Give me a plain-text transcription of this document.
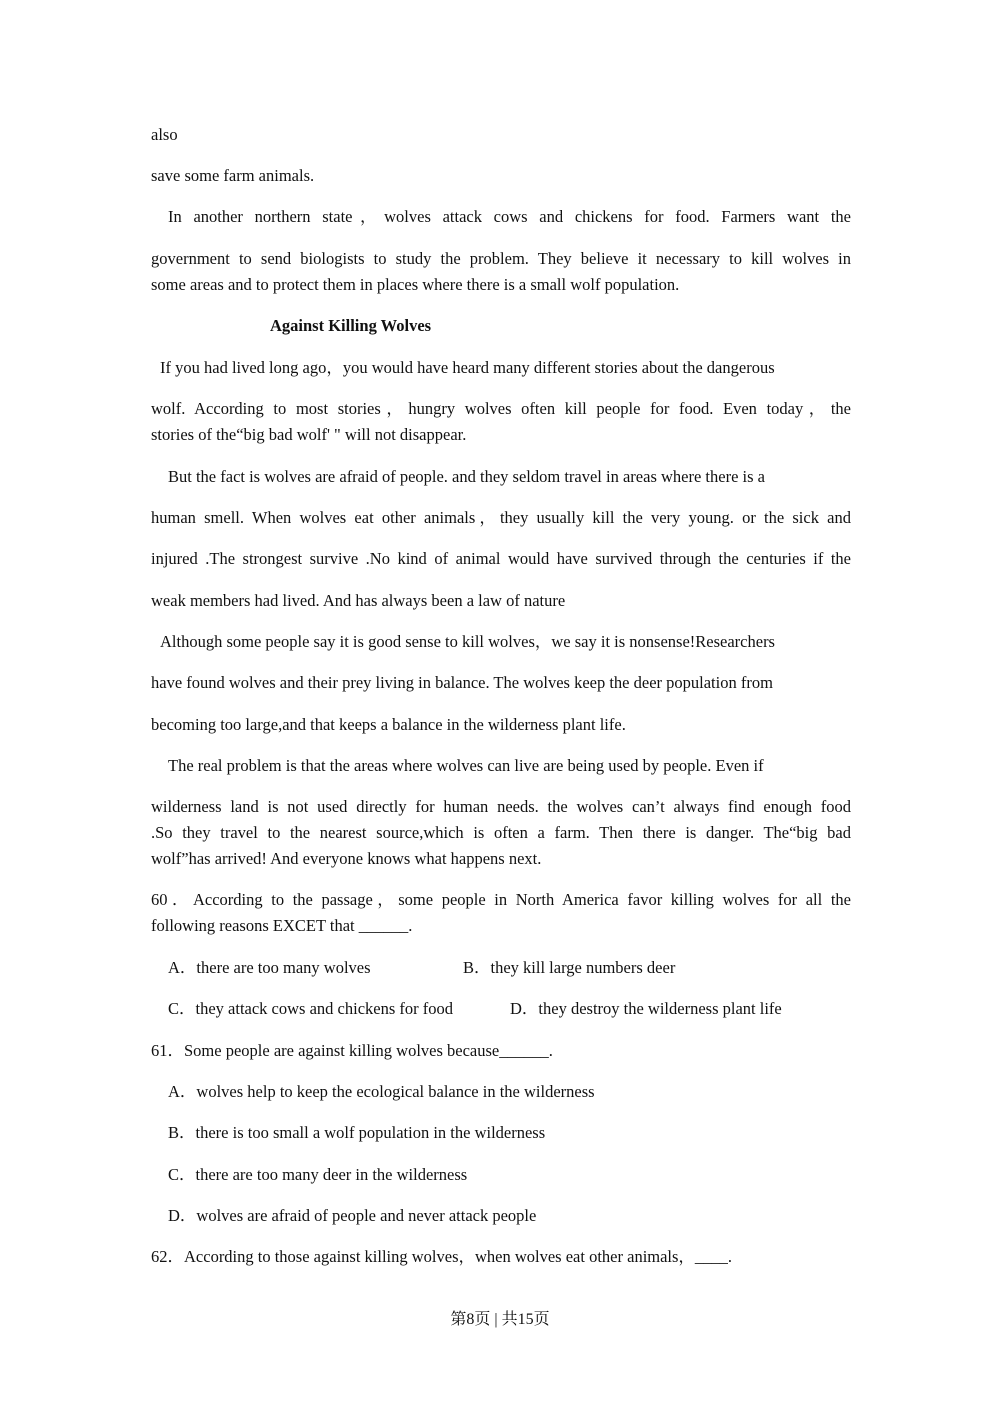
also
save some farm animals.
In another northern state，wolves attack cows and chickens for food. Farmers want the
government to send biologists to study the problem. They believe it necessary to kill wolves in
some areas and to protect them in places where there is a small wolf population.
Against Killing Wolves
If you had lived long ago，you would have heard many different stories about the dangerous
wolf. According to most stories，hungry wolves often kill people for food. Even today，the
stories of the“big bad wolf' " will not disappear.
But the fact is wolves are afraid of people. and they seldom travel in areas where there is a
human smell. When wolves eat other animals，they usually kill the very young. or the sick and
injured .The strongest survive .No kind of animal would have survived through the centuries if the
weak members had lived. And has always been a law of nature
Although some people say it is good sense to kill wolves，we say it is nonsense!Researchers
have found wolves and their prey living in balance. The wolves keep the deer population from
becoming too large,and that keeps a balance in the wilderness plant life.
The real problem is that the areas where wolves can live are being used by people. Even if
wilderness land is not used directly for human needs. the wolves can’t always find enough food
.So they travel to the nearest source,which is often a farm. Then there is danger. The“big bad
wolf”has arrived! And everyone knows what happens next.
60．According to the passage，some people in North America favor killing wolves for all the
following reasons EXCET that ______.
A．there are too many wolves	B．they kill large numbers deer
C．they attack cows and chickens for food	D．they destroy the wilderness plant life
61．Some people are against killing wolves because______.
A．wolves help to keep the ecological balance in the wilderness
B．there is too small a wolf population in the wilderness
C．there are too many deer in the wilderness
D．wolves are afraid of people and never attack people
62．According to those against killing wolves，when wolves eat other animals，____.
第8页 | 共15页
